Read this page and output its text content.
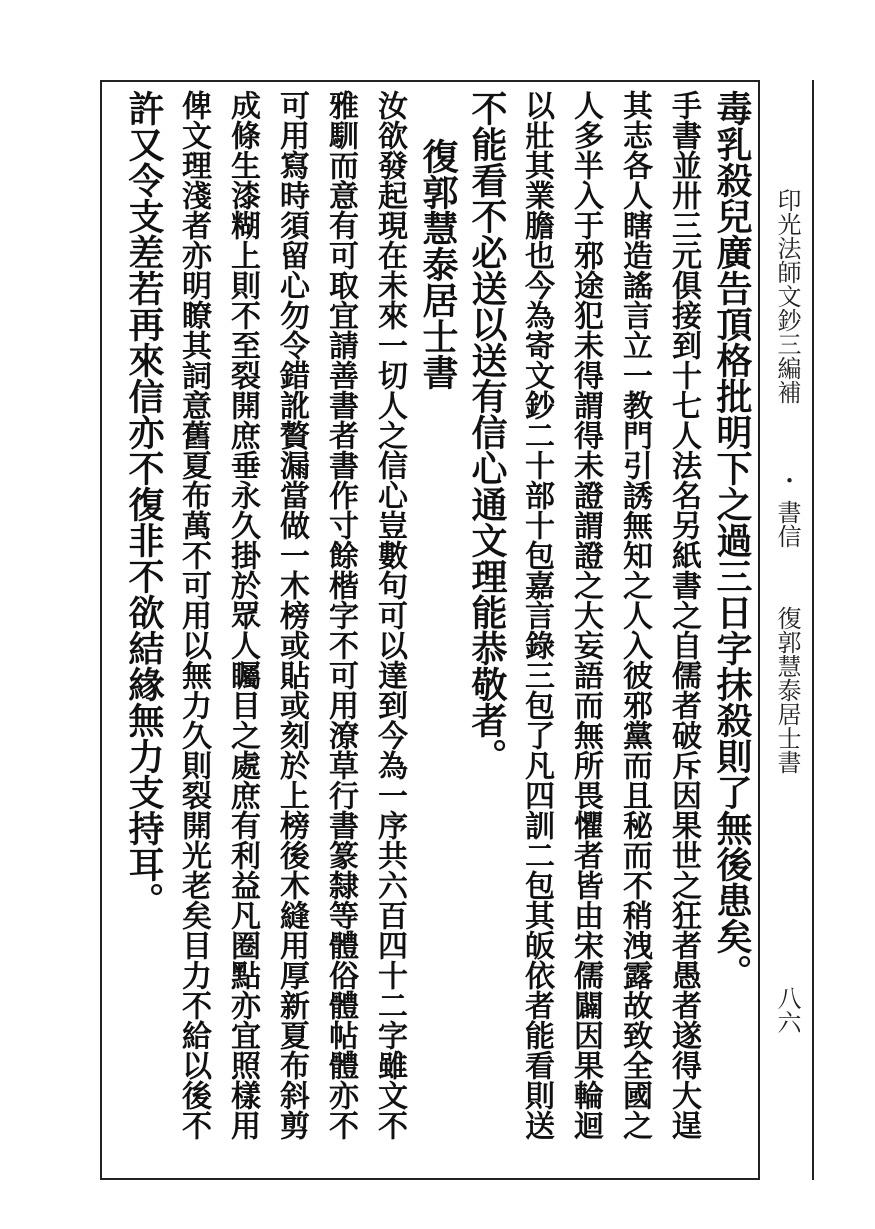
印光法師文鈔三編補
・
書信
復郭慧泰居士書
八六
毒乳殺兒廣告頂格批明下之過三日字抹殺則了無後患矣。
手書並卅三元俱接到十七人法名另紙書之自儒者破斥因果世之狂者愚者遂得大逞
其志各人瞎造謠言立一教門引誘無知之人入彼邪黨而且秘而不稍洩露故致全國之
人多半入于邪途犯未得謂得未證謂證之大妄語而無所畏懼者皆由宋儒闢因果輪迴
以壯其業膽也今為寄文鈔二十部十包嘉言錄三包了凡四訓二包其皈依者能看則送
不能看不必送以送有信心通文理能恭敬者。
復郭慧泰居士書
汝欲發起現在未來一切人之信心豈數句可以達到今為一序共六百四十二字雖文不
雅馴而意有可取宜請善書者書作寸餘楷字不可用潦草行書篆隸等體俗體帖體亦不
可用寫時須留心勿令錯訛贅漏當做一木榜或貼或刻於上榜後木縫用厚新夏布斜剪
成條生漆糊上則不至裂開庶垂永久掛於眾人矚目之處庶有利益凡圈點亦宜照樣用
俾文理淺者亦明瞭其詞意舊夏布萬不可用以無力久則裂開光老矣目力不給以後不
許又令支差若再來信亦不復非不欲結緣無力支持耳。
